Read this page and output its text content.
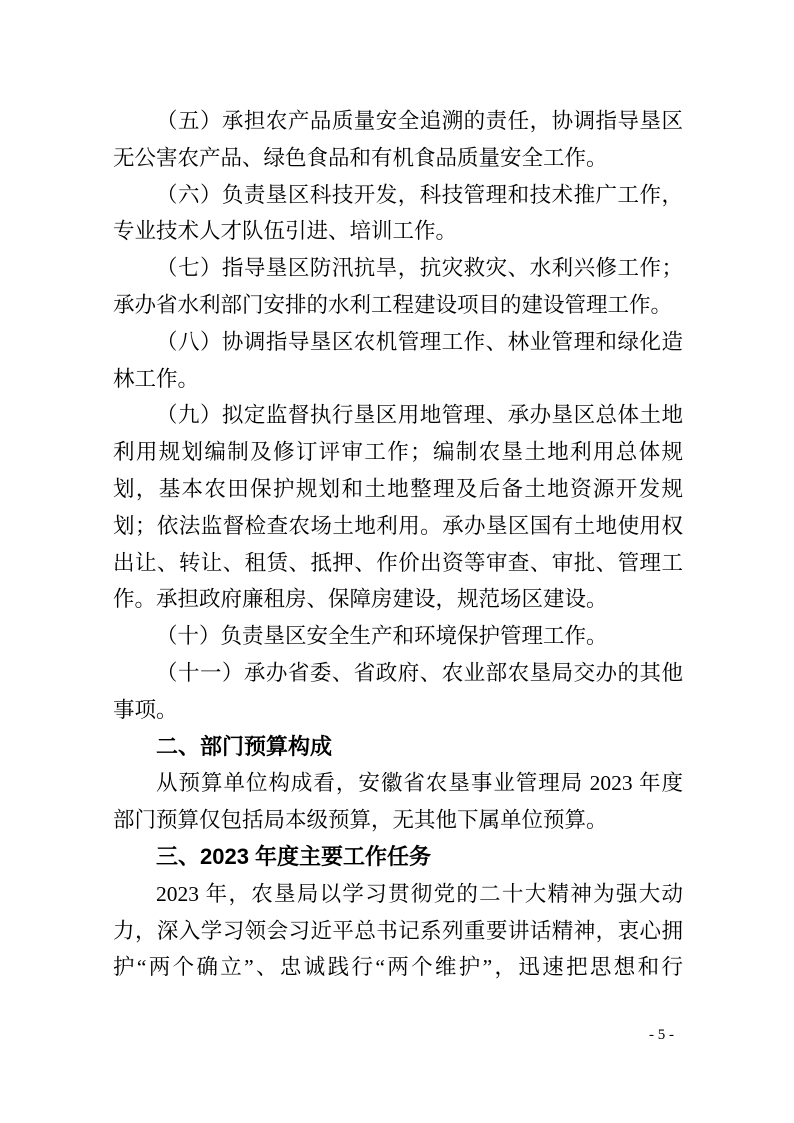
（五）承担农产品质量安全追溯的责任，协调指导垦区
无公害农产品、绿色食品和有机食品质量安全工作。
（六）负责垦区科技开发，科技管理和技术推广工作，
专业技术人才队伍引进、培训工作。
（七）指导垦区防汛抗旱，抗灾救灾、水利兴修工作；
承办省水利部门安排的水利工程建设项目的建设管理工作。
（八）协调指导垦区农机管理工作、林业管理和绿化造
林工作。
（九）拟定监督执行垦区用地管理、承办垦区总体土地
利用规划编制及修订评审工作；编制农垦土地利用总体规
划，基本农田保护规划和土地整理及后备土地资源开发规
划；依法监督检查农场土地利用。承办垦区国有土地使用权
出让、转让、租赁、抵押、作价出资等审查、审批、管理工
作。承担政府廉租房、保障房建设，规范场区建设。
（十）负责垦区安全生产和环境保护管理工作。
（十一）承办省委、省政府、农业部农垦局交办的其他
事项。
二、部门预算构成
从预算单位构成看，安徽省农垦事业管理局 2023 年度
部门预算仅包括局本级预算，无其他下属单位预算。
三、2023 年度主要工作任务
2023 年，农垦局以学习贯彻党的二十大精神为强大动
力，深入学习领会习近平总书记系列重要讲话精神，衷心拥
护“两个确立”、忠诚践行“两个维护”，迅速把思想和行
- 5 -
